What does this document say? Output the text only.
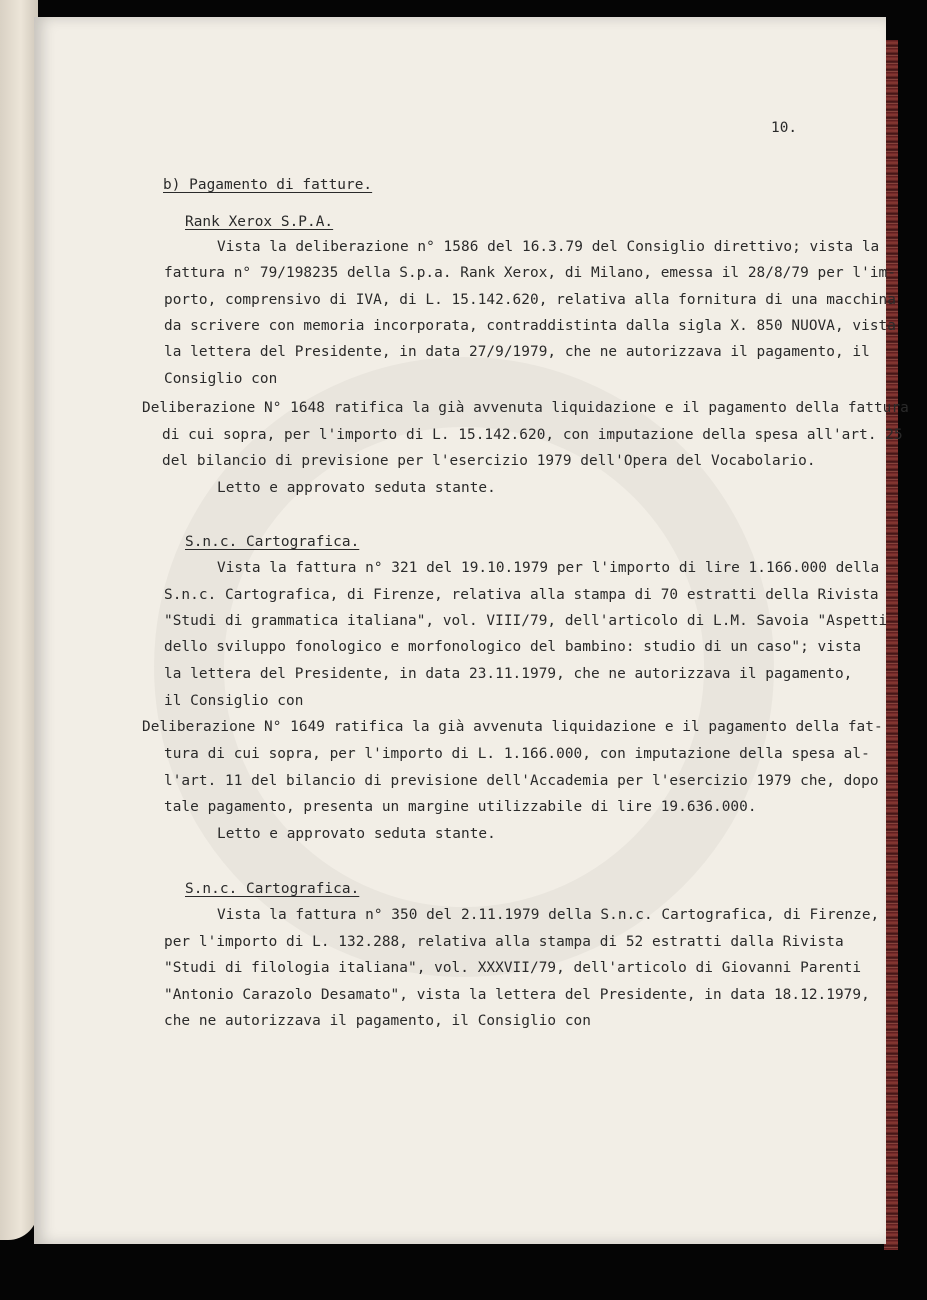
10.
b) Pagamento di fatture.
Rank Xerox S.P.A.
Vista la deliberazione n° 1586 del 16.3.79 del Consiglio direttivo; vista la
fattura n° 79/198235 della S.p.a. Rank Xerox, di Milano, emessa il 28/8/79 per l'im-
porto, comprensivo di IVA, di L. 15.142.620, relativa alla fornitura di una macchina
da scrivere con memoria incorporata, contraddistinta dalla sigla X. 850 NUOVA, vista
la lettera del Presidente, in data 27/9/1979, che ne autorizzava il pagamento, il
Consiglio con
Deliberazione N° 1648 ratifica la già avvenuta liquidazione e il pagamento della fattura
di cui sopra, per l'importo di L. 15.142.620, con imputazione della spesa all'art. 25
del bilancio di previsione per l'esercizio 1979 dell'Opera del Vocabolario.
Letto e approvato seduta stante.
S.n.c. Cartografica.
Vista la fattura n° 321 del 19.10.1979 per l'importo di lire 1.166.000 della
S.n.c. Cartografica, di Firenze, relativa alla stampa di 70 estratti della Rivista
"Studi di grammatica italiana", vol. VIII/79, dell'articolo di L.M. Savoia "Aspetti
dello sviluppo fonologico e morfonologico del bambino: studio di un caso"; vista
la lettera del Presidente, in data 23.11.1979, che ne autorizzava il pagamento,
il Consiglio con
Deliberazione N° 1649 ratifica la già avvenuta liquidazione e il pagamento della fat-
tura di cui sopra, per l'importo di L. 1.166.000, con imputazione della spesa al-
l'art. 11 del bilancio di previsione dell'Accademia per l'esercizio 1979 che, dopo
tale pagamento, presenta un margine utilizzabile di lire 19.636.000.
Letto e approvato seduta stante.
S.n.c. Cartografica.
Vista la fattura n° 350 del 2.11.1979 della S.n.c. Cartografica, di Firenze,
per l'importo di L. 132.288, relativa alla stampa di 52 estratti dalla Rivista
"Studi di filologia italiana", vol. XXXVII/79, dell'articolo di Giovanni Parenti
"Antonio Carazolo Desamato", vista la lettera del Presidente, in data 18.12.1979,
che ne autorizzava il pagamento, il Consiglio con
